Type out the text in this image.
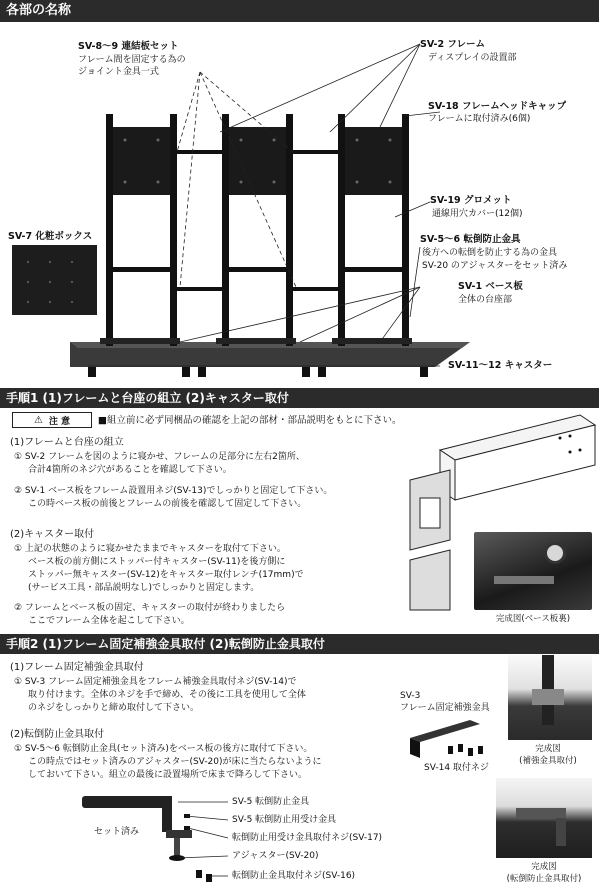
各部の名称
SV-8～9 連結板セット
フレーム間を固定する為の
ジョイント金具一式
SV-2 フレーム
ディスプレイの設置部
SV-18 フレームヘッドキャップ
フレームに取付済み(6個)
SV-19 グロメット
通線用穴カバー(12個)
SV-7 化粧ボックス	SV-5～6 転倒防止金具
後方への転倒を防止する為の金具
SV-20 のアジャスターをセット済み
SV-1 ベース板
全体の台座部
SV-11～12 キャスター
手順1 (1)フレームと台座の組立 (2)キャスター取付
⚠ 注 意	■組立前に必ず同梱品の確認を上記の部材・部品説明をもとに下さい。
(1)フレームと台座の組立
① SV-2 フレームを図のように寝かせ、フレームの足部分に左右2箇所、
合計4箇所のネジ穴があることを確認して下さい。
② SV-1 ベース板をフレーム設置用ネジ(SV-13)でしっかりと固定して下さい。
この時ベース板の前後とフレームの前後を確認して固定して下さい。
(2)キャスター取付
① 上記の状態のように寝かせたままでキャスターを取付て下さい。
ベース板の前方側にストッパー付キャスター(SV-11)を後方側に
ストッパー無キャスター(SV-12)をキャスター取付レンチ(17mm)で
(サービス工具・部品説明なし)でしっかりと固定します。
② フレームとベース板の固定、キャスターの取付が終わりましたら
ここでフレーム全体を起こして下さい。	完成図(ベース板裏)
手順2 (1)フレーム固定補強金具取付 (2)転倒防止金具取付
(1)フレーム固定補強金具取付
① SV-3 フレーム固定補強金具をフレーム補強金具取付ネジ(SV-14)で
取り付けます。全体のネジを手で締め、その後に工具を使用して全体
のネジをしっかりと締め取付して下さい。
SV-3
フレーム固定補強金具
SV-14 取付ネジ
完成図
(補強金具取付)
(2)転倒防止金具取付
① SV-5～6 転倒防止金具(セット済み)をベース板の後方に取付て下さい。
この時点ではセット済みのアジャスター(SV-20)が床に当たらないように
しておいて下さい。組立の最後に設置場所で床まで降ろして下さい。
セット済み
SV-5 転倒防止金具
SV-5 転倒防止用受け金具
転倒防止用受け金具取付ネジ(SV-17)
アジャスター(SV-20)
転倒防止金具取付ネジ(SV-16)
完成図
(転倒防止金具取付)
